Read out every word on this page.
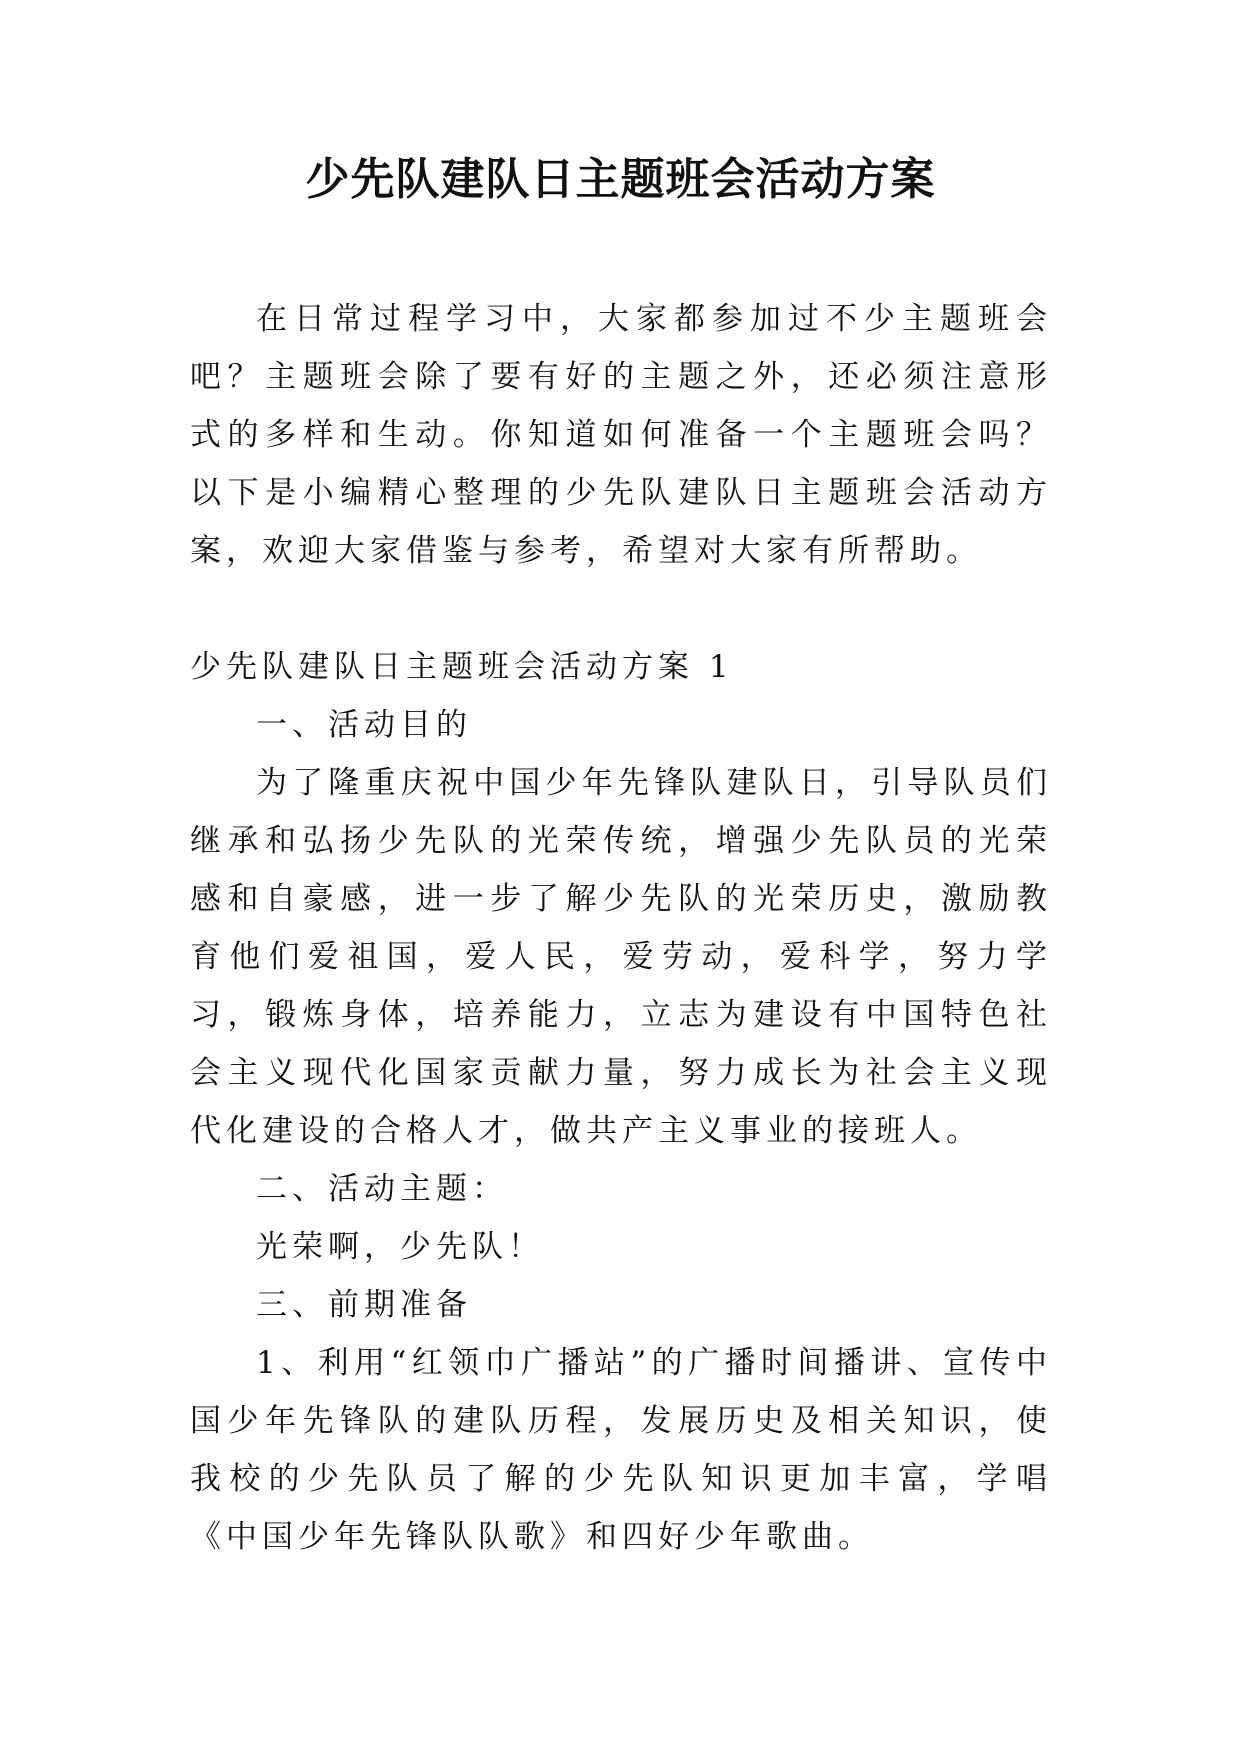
少先队建队日主题班会活动方案

在日常过程学习中，大家都参加过不少主题班会吧？主题班会除了要有好的主题之外，还必须注意形式的多样和生动。你知道如何准备一个主题班会吗？以下是小编精心整理的少先队建队日主题班会活动方案，欢迎大家借鉴与参考，希望对大家有所帮助。

少先队建队日主题班会活动方案 1

一、活动目的

为了隆重庆祝中国少年先锋队建队日，引导队员们继承和弘扬少先队的光荣传统，增强少先队员的光荣感和自豪感，进一步了解少先队的光荣历史，激励教育他们爱祖国，爱人民，爱劳动，爱科学，努力学习，锻炼身体，培养能力，立志为建设有中国特色社会主义现代化国家贡献力量，努力成长为社会主义现代化建设的合格人才，做共产主义事业的接班人。

二、活动主题：

光荣啊，少先队！

三、前期准备

1、利用“红领巾广播站”的广播时间播讲、宣传中国少年先锋队的建队历程，发展历史及相关知识，使我校的少先队员了解的少先队知识更加丰富，学唱《中国少年先锋队队歌》和四好少年歌曲。
